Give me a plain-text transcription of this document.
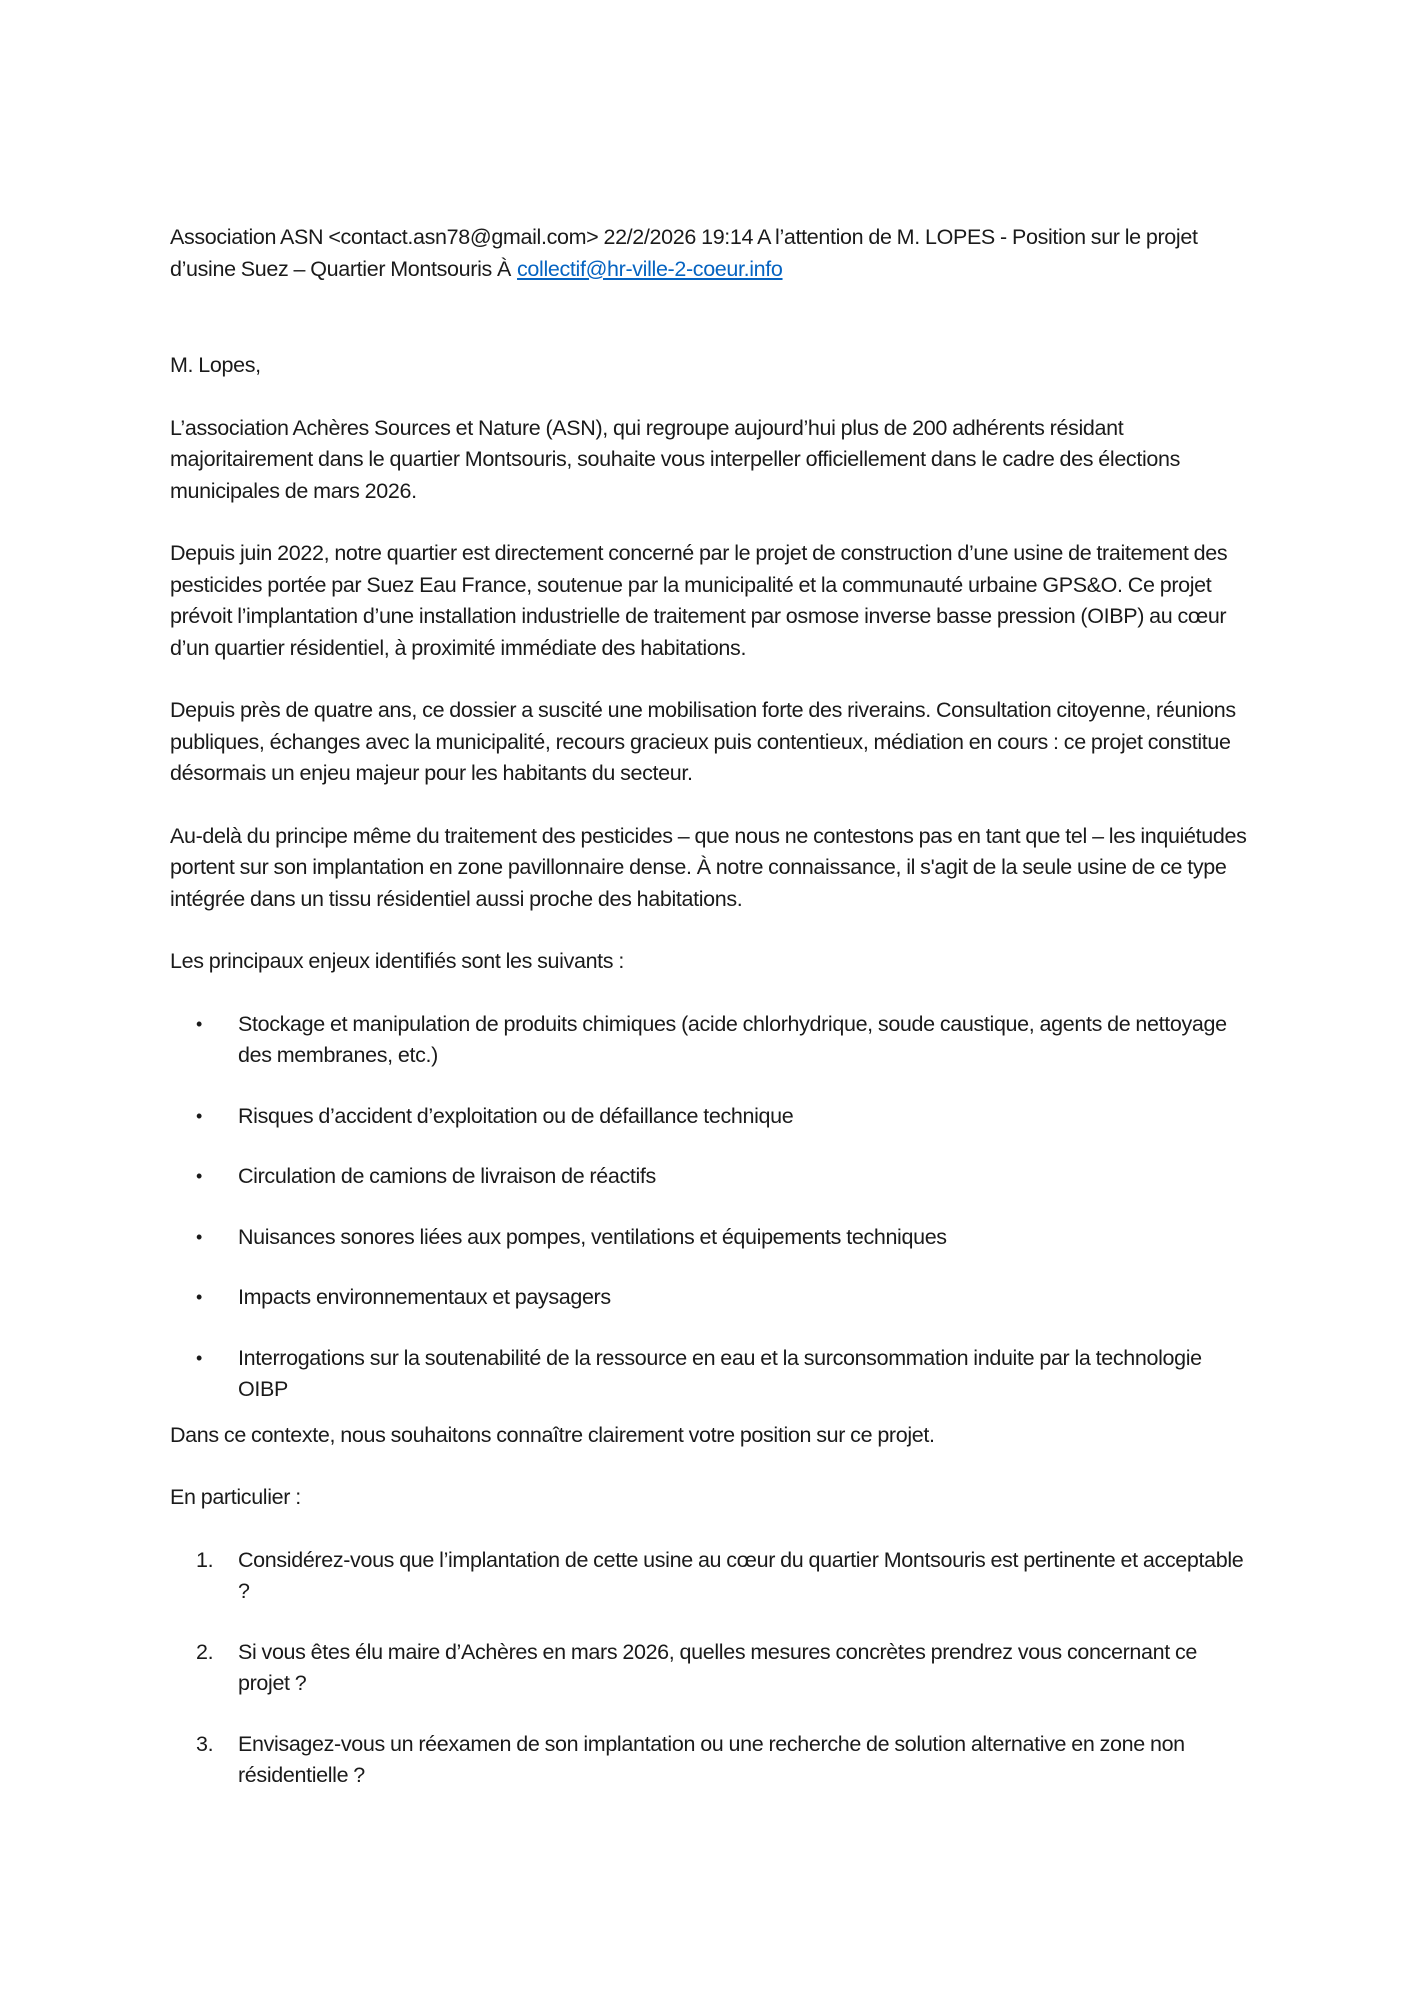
Association ASN <contact.asn78@gmail.com> 22/2/2026 19:14 A l’attention de M. LOPES - Position sur le projet d’usine Suez – Quartier Montsouris À collectif@hr-ville-2-coeur.info

M. Lopes,

L’association Achères Sources et Nature (ASN), qui regroupe aujourd’hui plus de 200 adhérents résidant majoritairement dans le quartier Montsouris, souhaite vous interpeller officiellement dans le cadre des élections municipales de mars 2026.

Depuis juin 2022, notre quartier est directement concerné par le projet de construction d’une usine de traitement des pesticides portée par Suez Eau France, soutenue par la municipalité et la communauté urbaine GPS&O. Ce projet prévoit l’implantation d’une installation industrielle de traitement par osmose inverse basse pression (OIBP) au cœur d’un quartier résidentiel, à proximité immédiate des habitations.

Depuis près de quatre ans, ce dossier a suscité une mobilisation forte des riverains. Consultation citoyenne, réunions publiques, échanges avec la municipalité, recours gracieux puis contentieux, médiation en cours : ce projet constitue désormais un enjeu majeur pour les habitants du secteur.

Au-delà du principe même du traitement des pesticides – que nous ne contestons pas en tant que tel – les inquiétudes portent sur son implantation en zone pavillonnaire dense. À notre connaissance, il s'agit de la seule usine de ce type intégrée dans un tissu résidentiel aussi proche des habitations.

Les principaux enjeux identifiés sont les suivants :

• Stockage et manipulation de produits chimiques (acide chlorhydrique, soude caustique, agents de nettoyage des membranes, etc.)
• Risques d’accident d’exploitation ou de défaillance technique
• Circulation de camions de livraison de réactifs
• Nuisances sonores liées aux pompes, ventilations et équipements techniques
• Impacts environnementaux et paysagers
• Interrogations sur la soutenabilité de la ressource en eau et la surconsommation induite par la technologie OIBP

Dans ce contexte, nous souhaitons connaître clairement votre position sur ce projet.

En particulier :

1. Considérez-vous que l’implantation de cette usine au cœur du quartier Montsouris est pertinente et acceptable ?
2. Si vous êtes élu maire d’Achères en mars 2026, quelles mesures concrètes prendrez vous concernant ce projet ?
3. Envisagez-vous un réexamen de son implantation ou une recherche de solution alternative en zone non résidentielle ?
